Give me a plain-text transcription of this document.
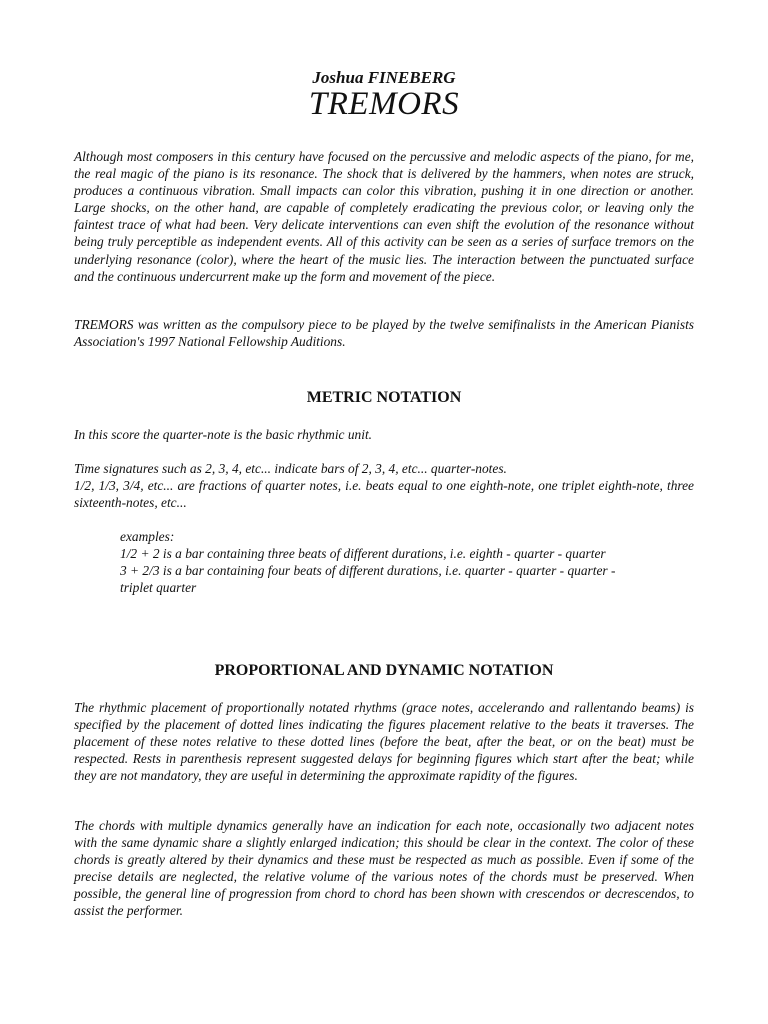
Joshua FINEBERG
TREMORS

Although most composers in this century have focused on the percussive and melodic aspects of the piano, for me, the real magic of the piano is its resonance. The shock that is delivered by the hammers, when notes are struck, produces a continuous vibration. Small impacts can color this vibration, pushing it in one direction or another. Large shocks, on the other hand, are capable of completely eradicating the previous color, or leaving only the faintest trace of what had been. Very delicate interventions can even shift the evolution of the resonance without being truly perceptible as independent events. All of this activity can be seen as a series of surface tremors on the underlying resonance (color), where the heart of the music lies. The interaction between the punctuated surface and the continuous undercurrent make up the form and movement of the piece.

TREMORS was written as the compulsory piece to be played by the twelve semifinalists in the American Pianists Association's 1997 National Fellowship Auditions.

METRIC NOTATION

In this score the quarter-note is the basic rhythmic unit.

Time signatures such as 2, 3, 4, etc... indicate bars of 2, 3, 4, etc... quarter-notes.

1/2, 1/3, 3/4, etc... are fractions of quarter notes, i.e. beats equal to one eighth-note, one triplet eighth-note, three sixteenth-notes, etc...

examples:
1/2 + 2 is a bar containing three beats of different durations, i.e. eighth - quarter - quarter
3 + 2/3 is a bar containing four beats of different durations, i.e. quarter - quarter - quarter - triplet quarter
PROPORTIONAL AND DYNAMIC NOTATION

The rhythmic placement of proportionally notated rhythms (grace notes, accelerando and rallentando beams) is specified by the placement of dotted lines indicating the figures placement relative to the beats it traverses. The placement of these notes relative to these dotted lines (before the beat, after the beat, or on the beat) must be respected. Rests in parenthesis represent suggested delays for beginning figures which start after the beat; while they are not mandatory, they are useful in determining the approximate rapidity of the figures.

The chords with multiple dynamics generally have an indication for each note, occasionally two adjacent notes with the same dynamic share a slightly enlarged indication; this should be clear in the context. The color of these chords is greatly altered by their dynamics and these must be respected as much as possible. Even if some of the precise details are neglected, the relative volume of the various notes of the chords must be preserved. When possible, the general line of progression from chord to chord has been shown with crescendos or decrescendos, to assist the performer.
